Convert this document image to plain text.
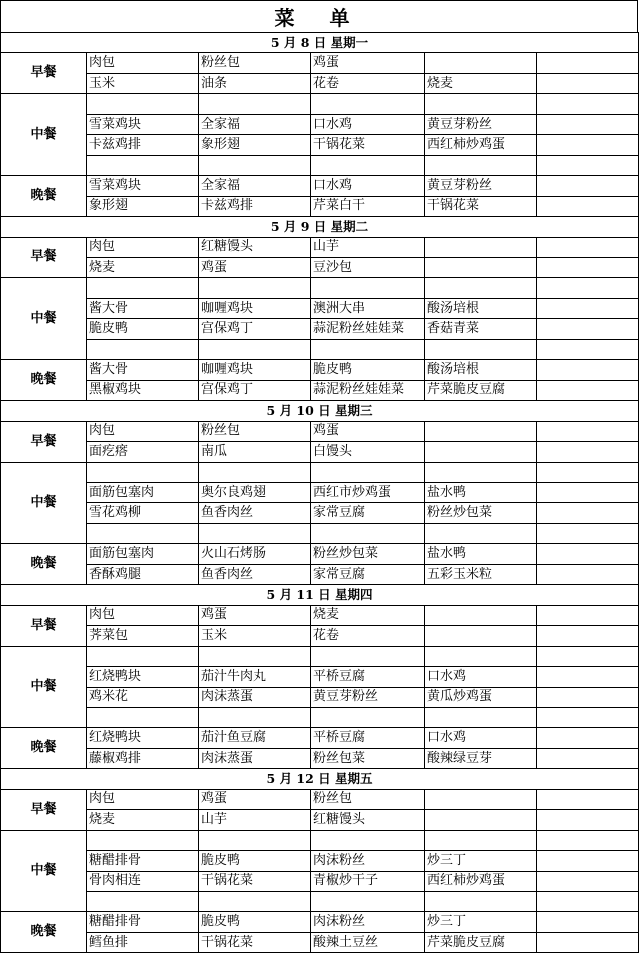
菜 单
5 月 8 日 星期一					
早餐	肉包	粉丝包	鸡蛋		
	玉米	油条	花卷	烧麦	
中餐					
	雪菜鸡块	全家福	口水鸡	黄豆芽粉丝	
	卡兹鸡排	象形翅	干锅花菜	西红柿炒鸡蛋	

晚餐	雪菜鸡块	全家福	口水鸡	黄豆芽粉丝	
	象形翅	卡兹鸡排	芹菜白干	干锅花菜	
5 月 9 日 星期二					
早餐	肉包	红糖馒头	山芋		
	烧麦	鸡蛋	豆沙包		
中餐					
	酱大骨	咖喱鸡块	澳洲大串	酸汤培根	
	脆皮鸭	宫保鸡丁	蒜泥粉丝娃娃菜	香菇青菜	

晚餐	酱大骨	咖喱鸡块	脆皮鸭	酸汤培根	
	黑椒鸡块	宫保鸡丁	蒜泥粉丝娃娃菜	芹菜脆皮豆腐	
5 月 10 日 星期三					
早餐	肉包	粉丝包	鸡蛋		
	面疙瘩	南瓜	白馒头		
中餐					
	面筋包塞肉	奥尔良鸡翅	西红市炒鸡蛋	盐水鸭	
	雪花鸡柳	鱼香肉丝	家常豆腐	粉丝炒包菜	

晚餐	面筋包塞肉	火山石烤肠	粉丝炒包菜	盐水鸭	
	香酥鸡腿	鱼香肉丝	家常豆腐	五彩玉米粒	
5 月 11 日 星期四					
早餐	肉包	鸡蛋	烧麦		
	荠菜包	玉米	花卷		
中餐					
	红烧鸭块	茄汁牛肉丸	平桥豆腐	口水鸡	
	鸡米花	肉沫蒸蛋	黄豆芽粉丝	黄瓜炒鸡蛋	

晚餐	红烧鸭块	茄汁鱼豆腐	平桥豆腐	口水鸡	
	藤椒鸡排	肉沫蒸蛋	粉丝包菜	酸辣绿豆芽	
5 月 12 日 星期五					
早餐	肉包	鸡蛋	粉丝包		
	烧麦	山芋	红糖馒头		
中餐					
	糖醋排骨	脆皮鸭	肉沫粉丝	炒三丁	
	骨肉相连	干锅花菜	青椒炒干子	西红柿炒鸡蛋	

晚餐	糖醋排骨	脆皮鸭	肉沫粉丝	炒三丁	
	鳕鱼排	干锅花菜	酸辣土豆丝	芹菜脆皮豆腐	
